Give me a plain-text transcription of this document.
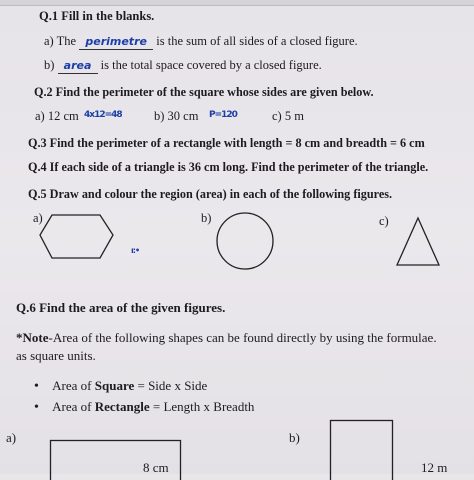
Q.1 Fill in the blanks.
a) The perimetre is the sum of all sides of a closed figure.
b) area is the total space covered by a closed figure.
Q.2 Find the perimeter of the square whose sides are given below.
a) 12 cm 4x12=48	b) 30 cm P=120	c) 5 m
Q.3 Find the perimeter of a rectangle with length = 8 cm and breadth = 6 cm
Q.4 If each side of a triangle is 36 cm long. Find the perimeter of the triangle.
Q.5 Draw and colour the region (area) in each of the following figures.
a)
ı:•
b)	c)
Q.6 Find the area of the given figures.
*Note-Area of the following shapes can be found directly by using the formulae.
as square units.
• Area of Square = Side x Side
• Area of Rectangle = Length x Breadth
a)
8 cm
b)
12 m
